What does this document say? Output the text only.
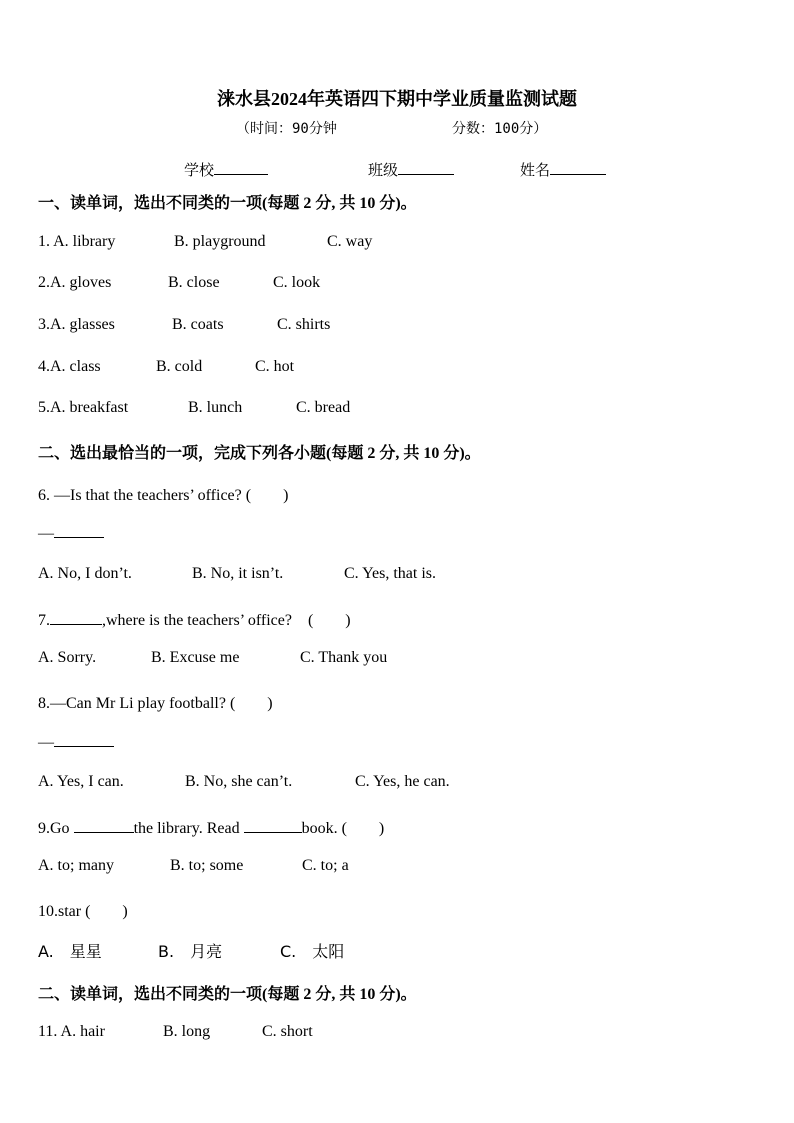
涞水县2024年英语四下期中学业质量监测试题
（时间：90分钟	分数：100分）
学校	班级	姓名
一、读单词，选出不同类的一项(每题 2 分, 共 10 分)。
1. A. library	B. playground	C. way
2.A. gloves	B. close	C. look
3.A. glasses	B. coats	C. shirts
4.A. class	B. cold	C. hot
5.A. breakfast	B. lunch	C. bread
二、选出最恰当的一项，完成下列各小题(每题 2 分, 共 10 分)。
6. —Is that the teachers’ office? (　　)
—
A. No, I don’t.	B. No, it isn’t.	C. Yes, that is.
7.	,where is the teachers’ office?　(　　)
A. Sorry.	B. Excuse me	C. Thank you
8.—Can Mr Li play football? (　　)
—
A. Yes, I can.	B. No, she can’t.	C. Yes, he can.
9.Go	the library. Read	book. (　　)
A. to; many	B. to; some	C. to; a
10.star (　　)
A.　星星	B.　月亮	C.　太阳
二、读单词，选出不同类的一项(每题 2 分, 共 10 分)。
11. A. hair	B. long	C. short
